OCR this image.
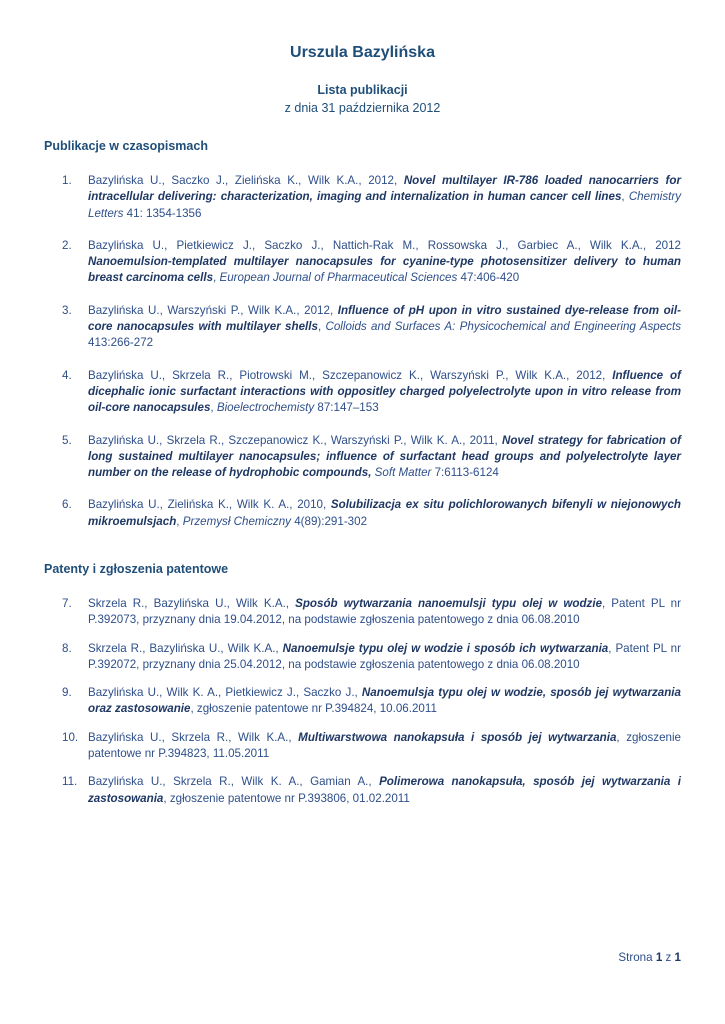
Urszula Bazylińska
Lista publikacji
z dnia 31 października 2012
Publikacje w czasopismach
1.	Bazylińska U., Saczko J., Zielińska K., Wilk K.A., 2012, Novel multilayer IR-786 loaded nanocarriers for intracellular delivering: characterization, imaging and internalization in human cancer cell lines, Chemistry Letters 41: 1354-1356
2.	Bazylińska U., Pietkiewicz J., Saczko J., Nattich-Rak M., Rossowska J., Garbiec A., Wilk K.A., 2012 Nanoemulsion-templated multilayer nanocapsules for cyanine-type photosensitizer delivery to human breast carcinoma cells, European Journal of Pharmaceutical Sciences 47:406-420
3.	Bazylińska U., Warszyński P., Wilk K.A., 2012, Influence of pH upon in vitro sustained dye-release from oil-core nanocapsules with multilayer shells, Colloids and Surfaces A: Physicochemical and Engineering Aspects 413:266-272
4.	Bazylińska U., Skrzela R., Piotrowski M., Szczepanowicz K., Warszyński P., Wilk K.A., 2012, Influence of dicephalic ionic surfactant interactions with oppositley charged polyelectrolyte upon in vitro release from oil-core nanocapsules, Bioelectrochemisty 87:147–153
5.	Bazylińska U., Skrzela R., Szczepanowicz K., Warszyński P., Wilk K. A., 2011, Novel strategy for fabrication of long sustained multilayer nanocapsules; influence of surfactant head groups and polyelectrolyte layer number on the release of hydrophobic compounds, Soft Matter 7:6113-6124
6.	Bazylińska U., Zielińska K., Wilk K. A., 2010, Solubilizacja ex situ polichlorowanych bifenyli w niejonowych mikroemulsjach, Przemysł Chemiczny 4(89):291-302
Patenty i zgłoszenia patentowe
7.	Skrzela R., Bazylińska U., Wilk K.A., Sposób wytwarzania nanoemulsji typu olej w wodzie, Patent PL nr P.392073, przyznany dnia 19.04.2012, na podstawie zgłoszenia patentowego z dnia 06.08.2010
8.	Skrzela R., Bazylińska U., Wilk K.A., Nanoemulsje typu olej w wodzie i sposób ich wytwarzania, Patent PL nr P.392072, przyznany dnia 25.04.2012, na podstawie zgłoszenia patentowego z dnia 06.08.2010
9.	Bazylińska U., Wilk K. A., Pietkiewicz J., Saczko J., Nanoemulsja typu olej w wodzie, sposób jej wytwarzania oraz zastosowanie, zgłoszenie patentowe nr P.394824, 10.06.2011
10. Bazylińska U., Skrzela R., Wilk K.A., Multiwarstwowa nanokapsuła i sposób jej wytwarzania, zgłoszenie patentowe nr P.394823, 11.05.2011
11. Bazylińska U., Skrzela R., Wilk K. A., Gamian A., Polimerowa nanokapsuła, sposób jej wytwarzania i zastosowania, zgłoszenie patentowe nr P.393806, 01.02.2011
Strona 1 z 1
